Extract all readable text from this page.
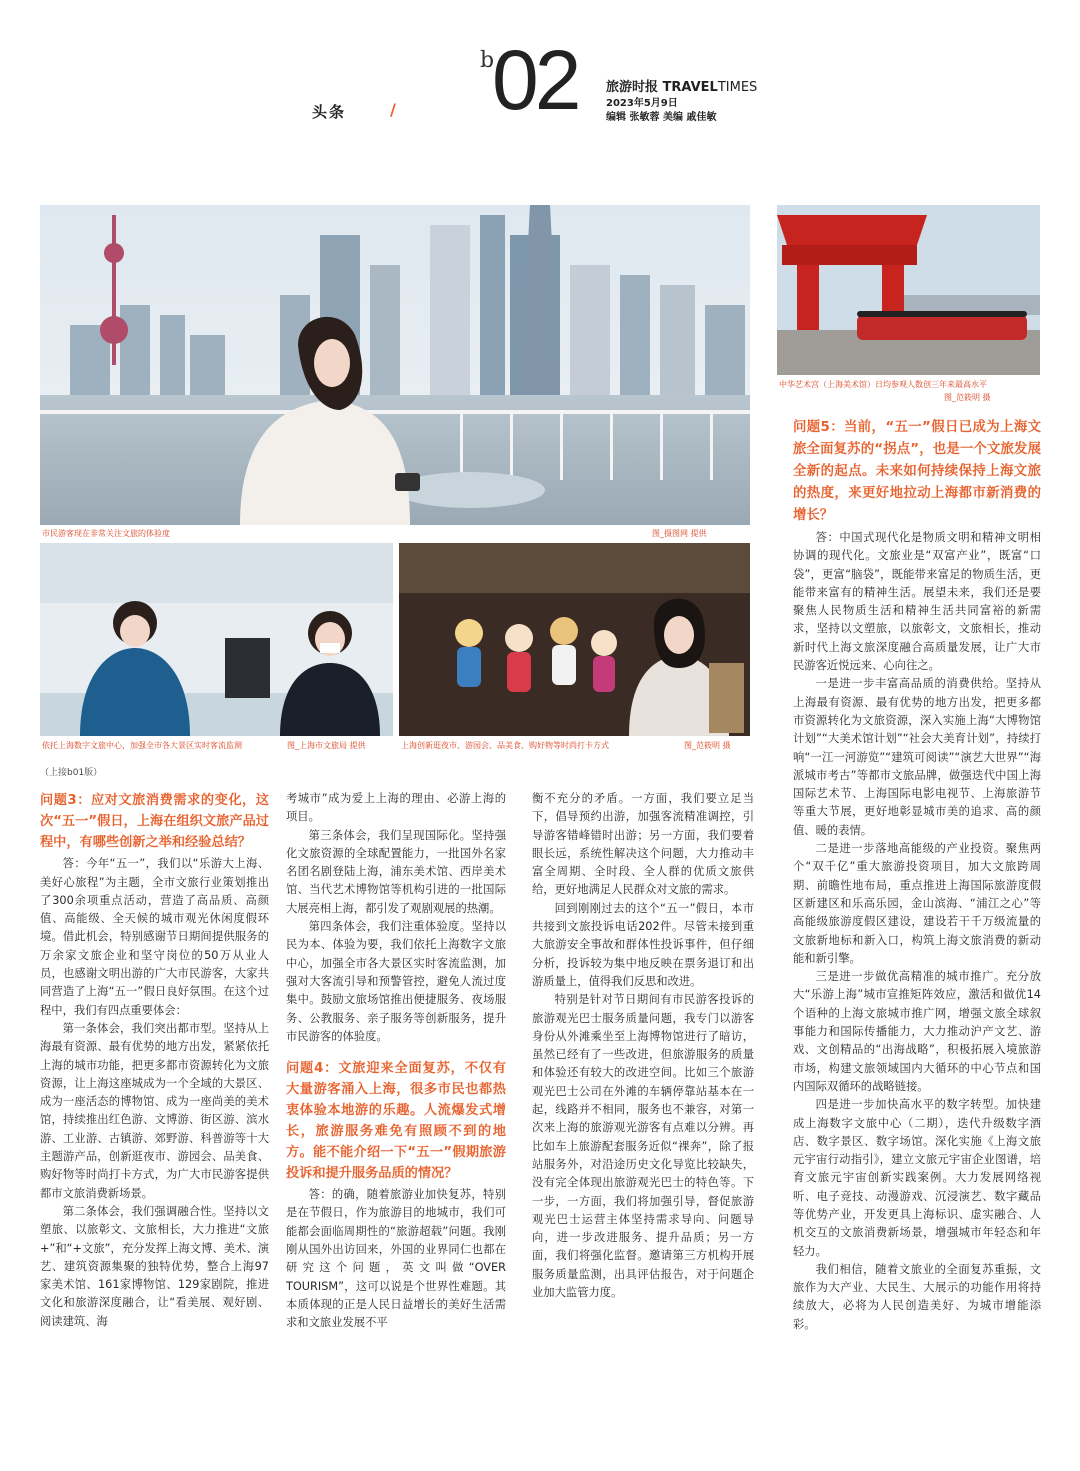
头条	/
b
02 旅游时报 TRAVELTIMES
2023年5月9日
编辑 张敏蓉 美编 戚佳敏
市民游客现在非常关注文旅的体验度	图_摄图网 提供
中华艺术宫（上海美术馆）日均参观人数创三年来最高水平
图_范筱明 摄
依托上海数字文旅中心，加强全市各大景区实时客流监测	图_上海市文旅局 提供	上海创新逛夜市、游园会、品美食、购好物等时尚打卡方式	图_范筱明 摄
（上接b01版）
问题3：应对文旅消费需求的变化，这次“五一”假日，上海在组织文旅产品过程中，有哪些创新之举和经验总结？

答：今年“五一”，我们以“乐游大上海、美好心旅程”为主题，全市文旅行业策划推出了300余项重点活动，营造了高品质、高颜值、高能级、全天候的城市观光休闲度假环境。借此机会，特别感谢节日期间提供服务的万余家文旅企业和坚守岗位的50万从业人员，也感谢文明出游的广大市民游客，大家共同营造了上海“五一”假日良好氛围。在这个过程中，我们有四点重要体会：

第一条体会，我们突出都市型。坚持从上海最有资源、最有优势的地方出发，紧紧依托上海的城市功能，把更多都市资源转化为文旅资源，让上海这座城成为一个全域的大景区、成为一座活态的博物馆、成为一座尚美的美术馆，持续推出红色游、文博游、街区游、滨水游、工业游、古镇游、郊野游、科普游等十大主题游产品，创新逛夜市、游园会、品美食、购好物等时尚打卡方式，为广大市民游客提供都市文旅消费新场景。

第二条体会，我们强调融合性。坚持以文塑旅、以旅彰文、文旅相长，大力推进“文旅+”和“+文旅”，充分发挥上海文博、美术、演艺、建筑资源集聚的独特优势，整合上海97家美术馆、161家博物馆、129家剧院，推进文化和旅游深度融合，让“看美展、观好剧、阅读建筑、海

考城市”成为爱上上海的理由、必游上海的项目。

第三条体会，我们呈现国际化。坚持强化文旅资源的全球配置能力，一批国外名家名团名剧登陆上海，浦东美术馆、西岸美术馆、当代艺术博物馆等机构引进的一批国际大展亮相上海，都引发了观剧观展的热潮。

第四条体会，我们注重体验度。坚持以民为本、体验为要，我们依托上海数字文旅中心，加强全市各大景区实时客流监测，加强对大客流引导和预警管控，避免人流过度集中。鼓励文旅场馆推出便捷服务、夜场服务、公教服务、亲子服务等创新服务，提升市民游客的体验度。

问题4：文旅迎来全面复苏，不仅有大量游客涌入上海，很多市民也都热衷体验本地游的乐趣。人流爆发式增长，旅游服务难免有照顾不到的地方。能不能介绍一下“五一”假期旅游投诉和提升服务品质的情况？

答：的确，随着旅游业加快复苏，特别是在节假日，作为旅游目的地城市，我们可能都会面临周期性的“旅游超载”问题。我刚刚从国外出访回来，外国的业界同仁也都在研究这个问题，英文叫做“OVER TOURISM”，这可以说是个世界性难题。其本质体现的正是人民日益增长的美好生活需求和文旅业发展不平

衡不充分的矛盾。一方面，我们要立足当下，倡导预约出游，加强客流精准调控，引导游客错峰错时出游；另一方面，我们要着眼长远，系统性解决这个问题，大力推动丰富全周期、全时段、全人群的优质文旅供给，更好地满足人民群众对文旅的需求。

回到刚刚过去的这个“五一”假日，本市共接到文旅投诉电话202件。尽管未接到重大旅游安全事故和群体性投诉事件，但仔细分析，投诉较为集中地反映在票务退订和出游质量上，值得我们反思和改进。

特别是针对节日期间有市民游客投诉的旅游观光巴士服务质量问题，我专门以游客身份从外滩乘坐至上海博物馆进行了暗访，虽然已经有了一些改进，但旅游服务的质量和体验还有较大的改进空间。比如三个旅游观光巴士公司在外滩的车辆停靠站基本在一起，线路并不相同，服务也不兼容，对第一次来上海的旅游观光游客有点难以分辨。再比如车上旅游配套服务近似“裸奔”，除了报站服务外，对沿途历史文化导览比较缺失，没有完全体现出旅游观光巴士的特色等。下一步，一方面，我们将加强引导，督促旅游观光巴士运营主体坚持需求导向、问题导向，进一步改进服务、提升品质；另一方面，我们将强化监督。邀请第三方机构开展服务质量监测，出具评估报告，对于问题企业加大监管力度。

问题5：当前，“五一”假日已成为上海文旅全面复苏的“拐点”，也是一个文旅发展全新的起点。未来如何持续保持上海文旅的热度，来更好地拉动上海都市新消费的增长？

答：中国式现代化是物质文明和精神文明相协调的现代化。文旅业是“双富产业”，既富“口袋”，更富“脑袋”，既能带来富足的物质生活，更能带来富有的精神生活。展望未来，我们还是要聚焦人民物质生活和精神生活共同富裕的新需求，坚持以文塑旅，以旅彰文，文旅相长，推动新时代上海文旅深度融合高质量发展，让广大市民游客近悦远来、心向往之。

一是进一步丰富高品质的消费供给。坚持从上海最有资源、最有优势的地方出发，把更多都市资源转化为文旅资源，深入实施上海“大博物馆计划”“大美术馆计划”“社会大美育计划”，持续打响“一江一河游览”“建筑可阅读”“演艺大世界”“海派城市考古”等都市文旅品牌，做强迭代中国上海国际艺术节、上海国际电影电视节、上海旅游节等重大节展，更好地彰显城市美的追求、高的颜值、暖的表情。

二是进一步落地高能级的产业投资。聚焦两个“双千亿”重大旅游投资项目，加大文旅跨周期、前瞻性地布局，重点推进上海国际旅游度假区新建区和乐高乐园，金山滨海、“浦江之心”等高能级旅游度假区建设，建设若干千万级流量的文旅新地标和新入口，构筑上海文旅消费的新动能和新引擎。

三是进一步做优高精准的城市推广。充分放大“乐游上海”城市宣推矩阵效应，激活和做优14个语种的上海文旅城市推广网，增强文旅全球叙事能力和国际传播能力，大力推动沪产文艺、游戏、文创精品的“出海战略”，积极拓展入境旅游市场，构建文旅领域国内大循环的中心节点和国内国际双循环的战略链接。

四是进一步加快高水平的数字转型。加快建成上海数字文旅中心（二期），迭代升级数字酒店、数字景区、数字场馆。深化实施《上海文旅元宇宙行动指引》，建立文旅元宇宙企业图谱，培育文旅元宇宙创新实践案例。大力发展网络视听、电子竞技、动漫游戏、沉浸演艺、数字藏品等优势产业，开发更具上海标识、虚实融合、人机交互的文旅消费新场景，增强城市年轻态和年轻力。

我们相信，随着文旅业的全面复苏重振，文旅作为大产业、大民生、大展示的功能作用将持续放大，必将为人民创造美好、为城市增能添彩。
